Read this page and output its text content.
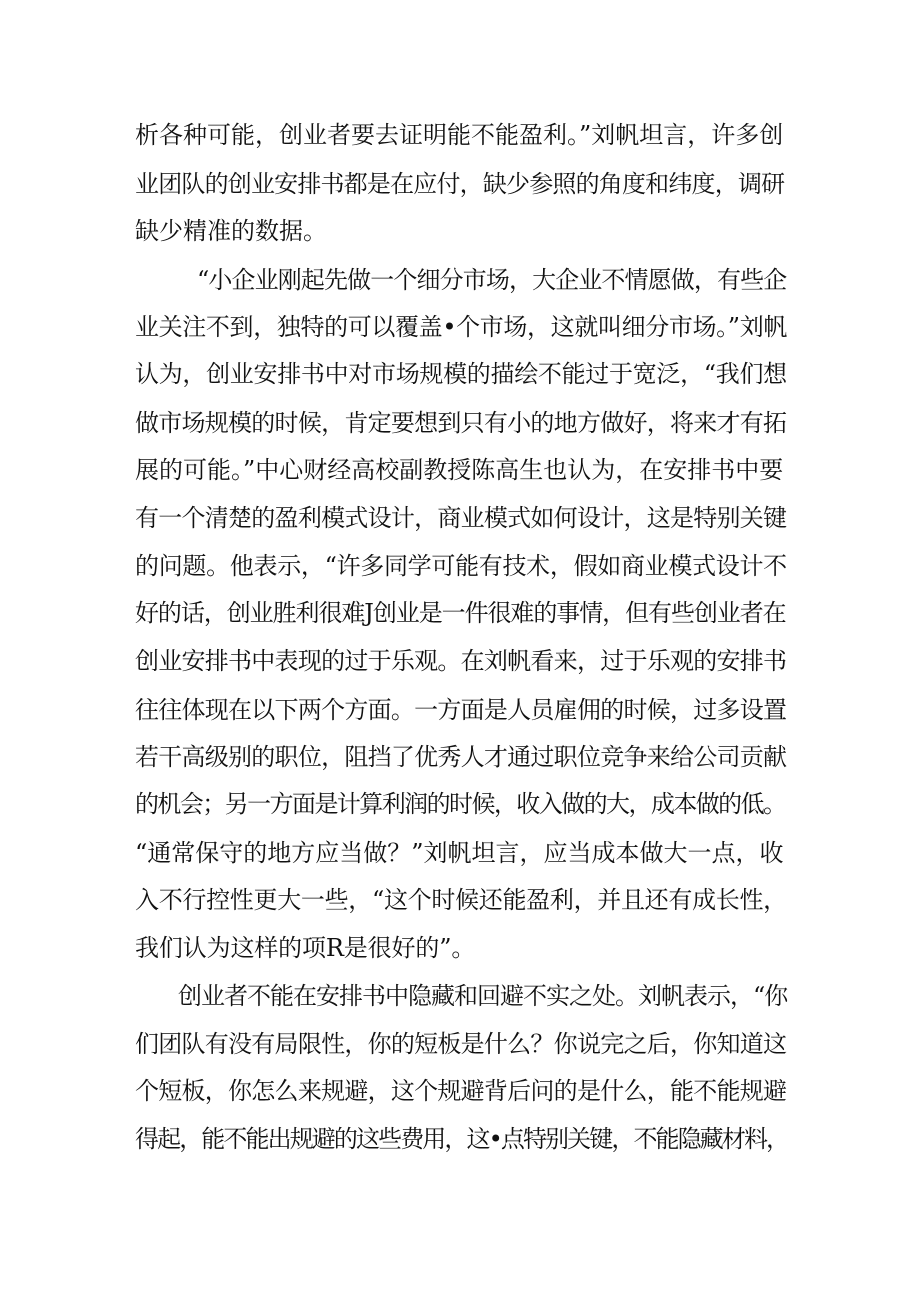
析各种可能，创业者要去证明能不能盈利。”刘帆坦言，许多创
业团队的创业安排书都是在应付，缺少参照的角度和纬度，调研
缺少精准的数据。
“小企业刚起先做一个细分市场，大企业不情愿做，有些企
业关注不到，独特的可以覆盖•个市场，这就叫细分市场。”刘帆
认为，创业安排书中对市场规模的描绘不能过于宽泛，“我们想
做市场规模的时候，肯定要想到只有小的地方做好，将来才有拓
展的可能。”中心财经高校副教授陈高生也认为，在安排书中要
有一个清楚的盈利模式设计，商业模式如何设计，这是特别关键
的问题。他表示，“许多同学可能有技术，假如商业模式设计不
好的话，创业胜利很难J创业是一件很难的事情，但有些创业者在
创业安排书中表现的过于乐观。在刘帆看来，过于乐观的安排书
往往体现在以下两个方面。一方面是人员雇佣的时候，过多设置
若干高级别的职位，阻挡了优秀人才通过职位竞争来给公司贡献
的机会；另一方面是计算利润的时候，收入做的大，成本做的低。
“通常保守的地方应当做？”刘帆坦言，应当成本做大一点，收
入不行控性更大一些，“这个时候还能盈利，并且还有成长性，
我们认为这样的项R是很好的”。
创业者不能在安排书中隐藏和回避不实之处。刘帆表示，“你
们团队有没有局限性，你的短板是什么？你说完之后，你知道这
个短板，你怎么来规避，这个规避背后问的是什么，能不能规避
得起，能不能出规避的这些费用，这•点特别关键，不能隐藏材料，
